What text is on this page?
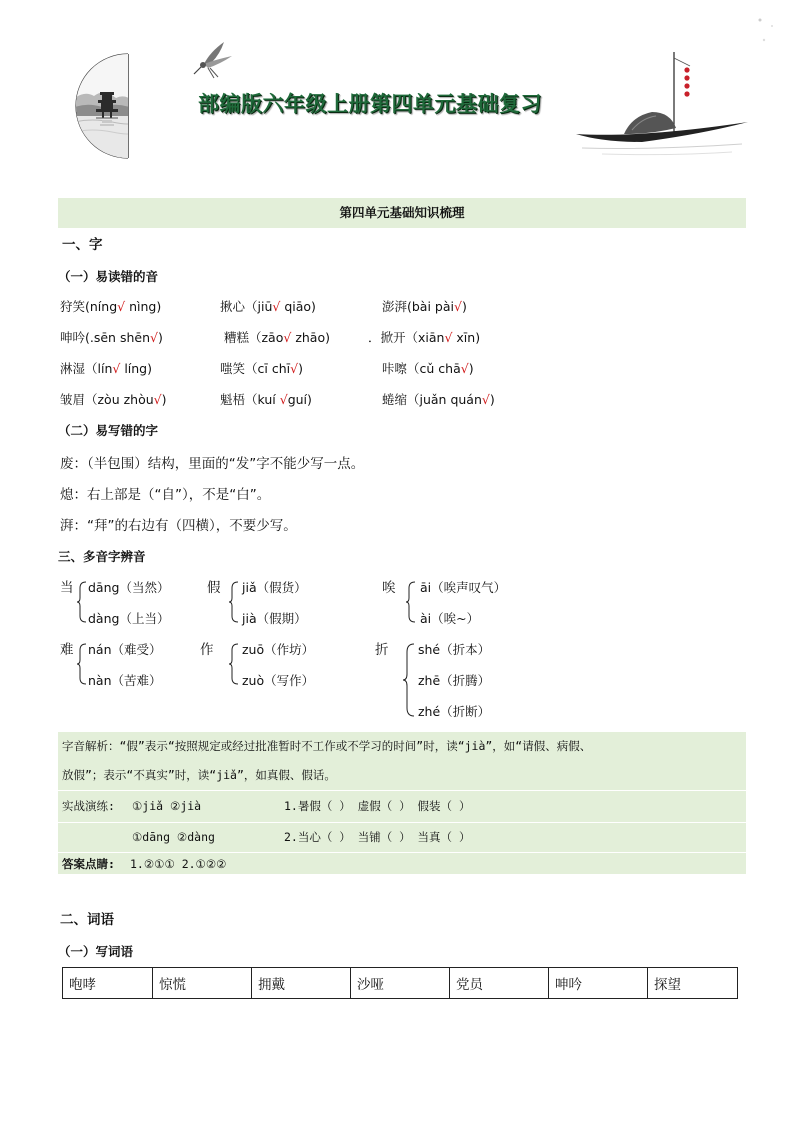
部编版六年级上册第四单元基础复习
第四单元基础知识梳理
一、字
（一）易读错的音
狩笑(níng√ nìng)	揪心（jiū√ qiāo)	澎湃(bài pài√)
呻吟(.sēn shēn√)	糟糕（zāo√ zhāo)	．掀开（xiān√ xīn)
淋湿（lín√ líng)	嗤笑（cī chī√)	咔嚓（cǔ chā√)
皱眉（zòu zhòu√)	魁梧（kuí √guí)	蜷缩（juǎn quán√)
（二）易写错的字
废：（半包围）结构，里面的“发”字不能少写一点。
熄：右上部是（“自”），不是“白”。
湃：“拜”的右边有（四横），不要少写。
三、多音字辨音
当 dāng（当然）
dàng（上当）
假 jiǎ（假货）
jià（假期）
唉 āi（唉声叹气）
ài（唉~）
难 nán（难受）
nàn（苦难）
作 zuō（作坊）
zuò（写作）
折 shé（折本）
zhē（折腾）
zhé（折断）
字音解析：“假”表示“按照规定或经过批准暂时不工作或不学习的时间”时，读“jià”，如“请假、病假、
放假”；表示“不真实”时，读“jiǎ”，如真假、假话。
实战演练: ①jiǎ ②jià	1.暑假（ ） 虚假（ ） 假装（ ）
①dāng ②dàng	2.当心（ ） 当铺（ ） 当真（ ）
答案点睛: 1.②①① 2.①②②
二、词语
（一）写词语
咆哮	惊慌	拥戴	沙哑	党员	呻吟	探望
